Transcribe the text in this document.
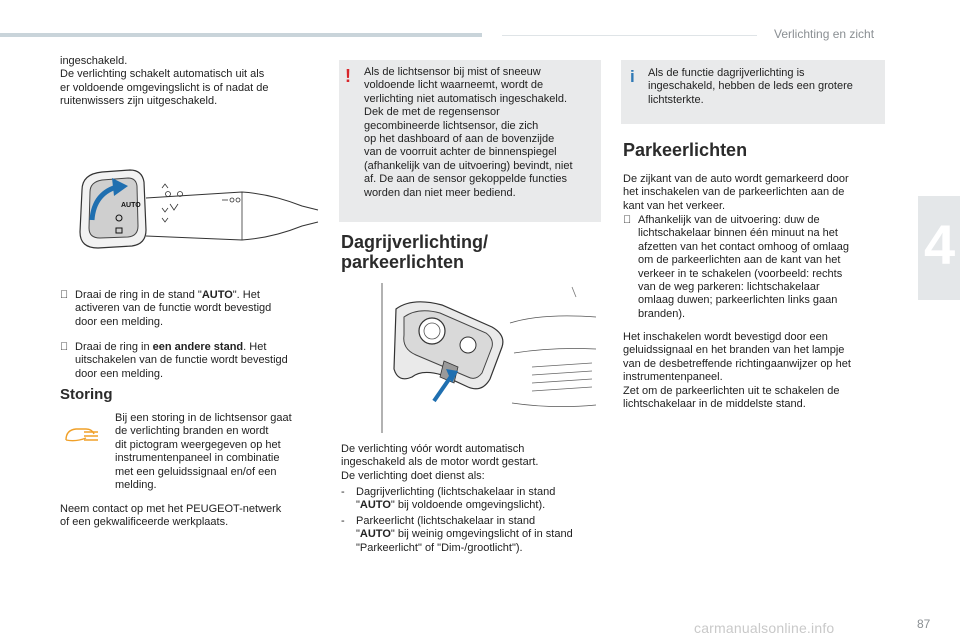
Verlichting en zicht
4
ingeschakeld.
De verlichting schakelt automatisch uit als
er voldoende omgevingslicht is of nadat de
ruitenwissers zijn uitgeschakeld.
AUTO
Draai de ring in de stand "AUTO". Het
activeren van de functie wordt bevestigd
door een melding.
Draai de ring in een andere stand. Het
uitschakelen van de functie wordt bevestigd
door een melding.
Storing
Bij een storing in de lichtsensor gaat
de verlichting branden en wordt
dit pictogram weergegeven op het
instrumentenpaneel in combinatie
met een geluidssignaal en/of een
melding.
Neem contact op met het PEUGEOT-netwerk
of een gekwalificeerde werkplaats.
! Als de lichtsensor bij mist of sneeuw
voldoende licht waarneemt, wordt de
verlichting niet automatisch ingeschakeld.
Dek de met de regensensor
gecombineerde lichtsensor, die zich
op het dashboard of aan de bovenzijde
van de voorruit achter de binnenspiegel
(afhankelijk van de uitvoering) bevindt, niet
af. De aan de sensor gekoppelde functies
worden dan niet meer bediend.
Dagrijverlichting/
parkeerlichten
De verlichting vóór wordt automatisch
ingeschakeld als de motor wordt gestart.
De verlichting doet dienst als:
- Dagrijverlichting (lichtschakelaar in stand
"AUTO" bij voldoende omgevingslicht).
- Parkeerlicht (lichtschakelaar in stand
"AUTO" bij weinig omgevingslicht of in stand
"Parkeerlicht" of "Dim-/grootlicht").
i Als de functie dagrijverlichting is
ingeschakeld, hebben de leds een grotere
lichtsterkte.
Parkeerlichten
De zijkant van de auto wordt gemarkeerd door
het inschakelen van de parkeerlichten aan de
kant van het verkeer.
Afhankelijk van de uitvoering: duw de
lichtschakelaar binnen één minuut na het
afzetten van het contact omhoog of omlaag
om de parkeerlichten aan de kant van het
verkeer in te schakelen (voorbeeld: rechts
van de weg parkeren: lichtschakelaar
omlaag duwen; parkeerlichten links gaan
branden).
Het inschakelen wordt bevestigd door een
geluidssignaal en het branden van het lampje
van de desbetreffende richtingaanwijzer op het
instrumentenpaneel.
Zet om de parkeerlichten uit te schakelen de
lichtschakelaar in de middelste stand.
carmanualsonline.info	87
